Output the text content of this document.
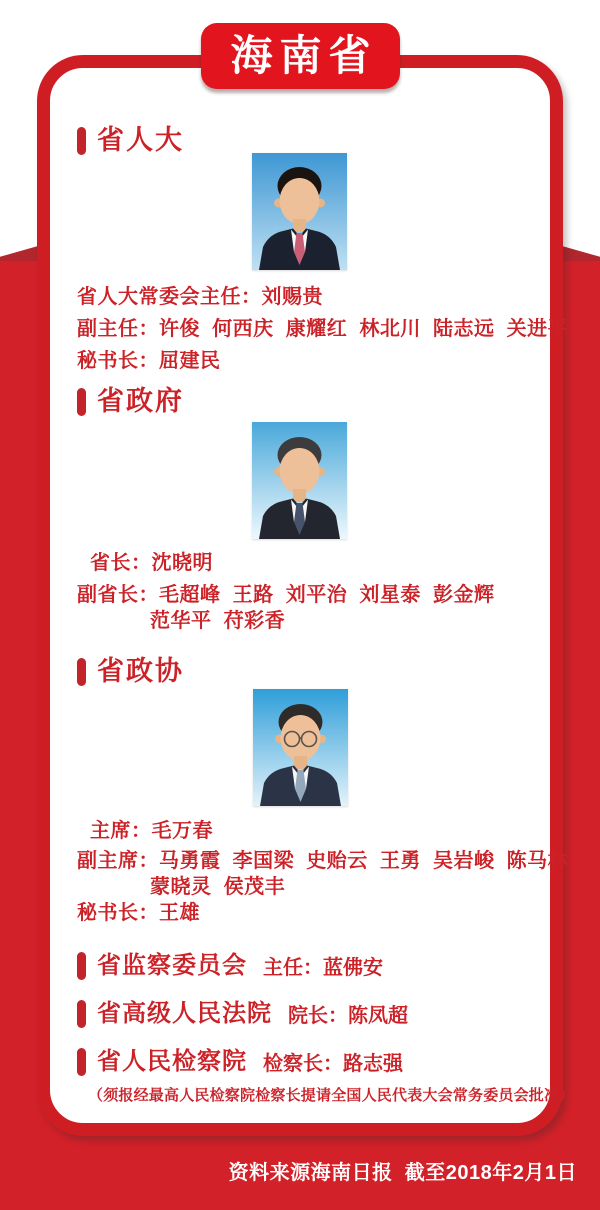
省人大
省人大常委会主任：刘赐贵
副主任：许俊  何西庆  康耀红  林北川  陆志远  关进平
秘书长：屈建民
省政府
省长：沈晓明
副省长：毛超峰  王路  刘平治  刘星泰  彭金辉
范华平  苻彩香
省政协
主席：毛万春
副主席：马勇霞  李国梁  史贻云  王勇  吴岩峻  陈马林
蒙晓灵  侯茂丰
秘书长：王雄
省监察委员会 主任：蓝佛安
省高级人民法院 院长：陈凤超
省人民检察院 检察长：路志强
（须报经最高人民检察院检察长提请全国人民代表大会常务委员会批准）
海南省
资料来源海南日报  截至2018年2月1日
